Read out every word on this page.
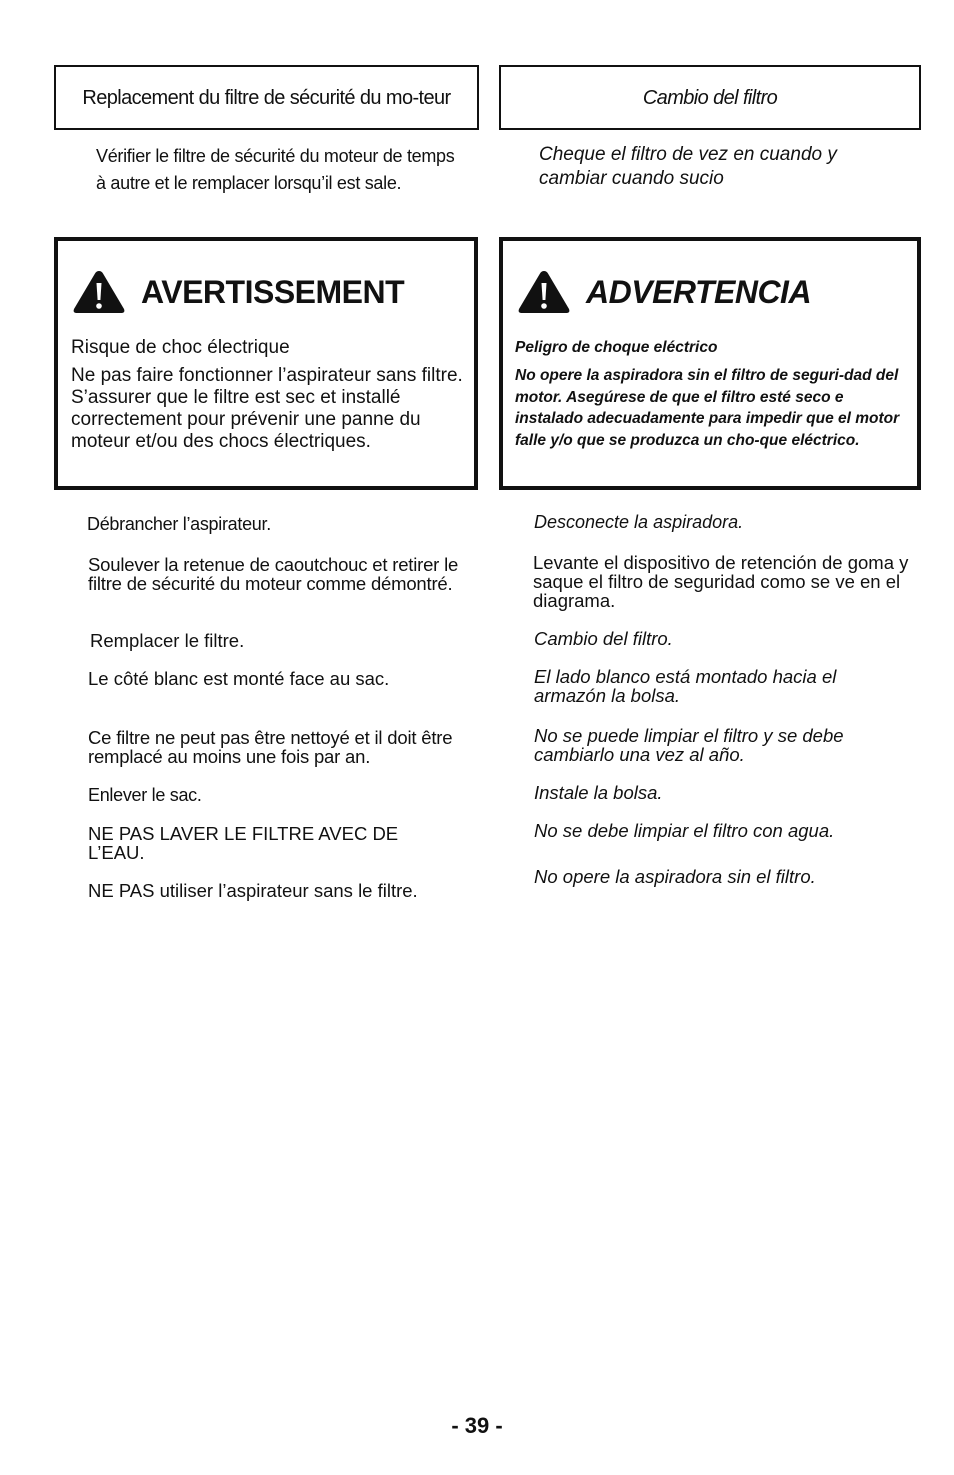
Replacement du filtre de sécurité du mo-teur	Cambio del filtro
Vérifier le filtre de sécurité du moteur de temps à autre et le remplacer lorsqu’il est sale.
Cheque el filtro de vez en cuando y cambiar cuando sucio
AVERTISSEMENT
Risque de choc électrique
Ne pas faire fonctionner l’aspirateur sans filtre. S’assurer que le filtre est sec et installé correctement pour prévenir une panne du moteur et/ou des chocs électriques.
ADVERTENCIA
Peligro de choque eléctrico
No opere la aspiradora sin el filtro de seguri-dad del motor. Asegúrese de que el filtro esté seco e instalado adecuadamente para impedir que el motor falle y/o que se produzca un cho-que eléctrico.
Débrancher l’aspirateur.
Soulever la retenue de caoutchouc et retirer le filtre de sécurité du moteur comme démontré.
Remplacer le filtre.
Le côté blanc est monté face au sac.
Ce filtre ne peut pas être nettoyé et il doit être remplacé au moins une fois par an.
Enlever le sac.
NE PAS LAVER LE FILTRE AVEC DE L’EAU.
NE PAS utiliser l’aspirateur sans le filtre.
Desconecte la aspiradora.
Levante el dispositivo de retención de goma y saque el filtro de seguridad como se ve en el diagrama.
Cambio del filtro.
El lado blanco está montado hacia el armazón la bolsa.
No se puede limpiar el filtro y se debe cambiarlo una vez al año.
Instale la bolsa.
No se debe limpiar el filtro con agua.
No opere la aspiradora sin el filtro.
- 39 -
